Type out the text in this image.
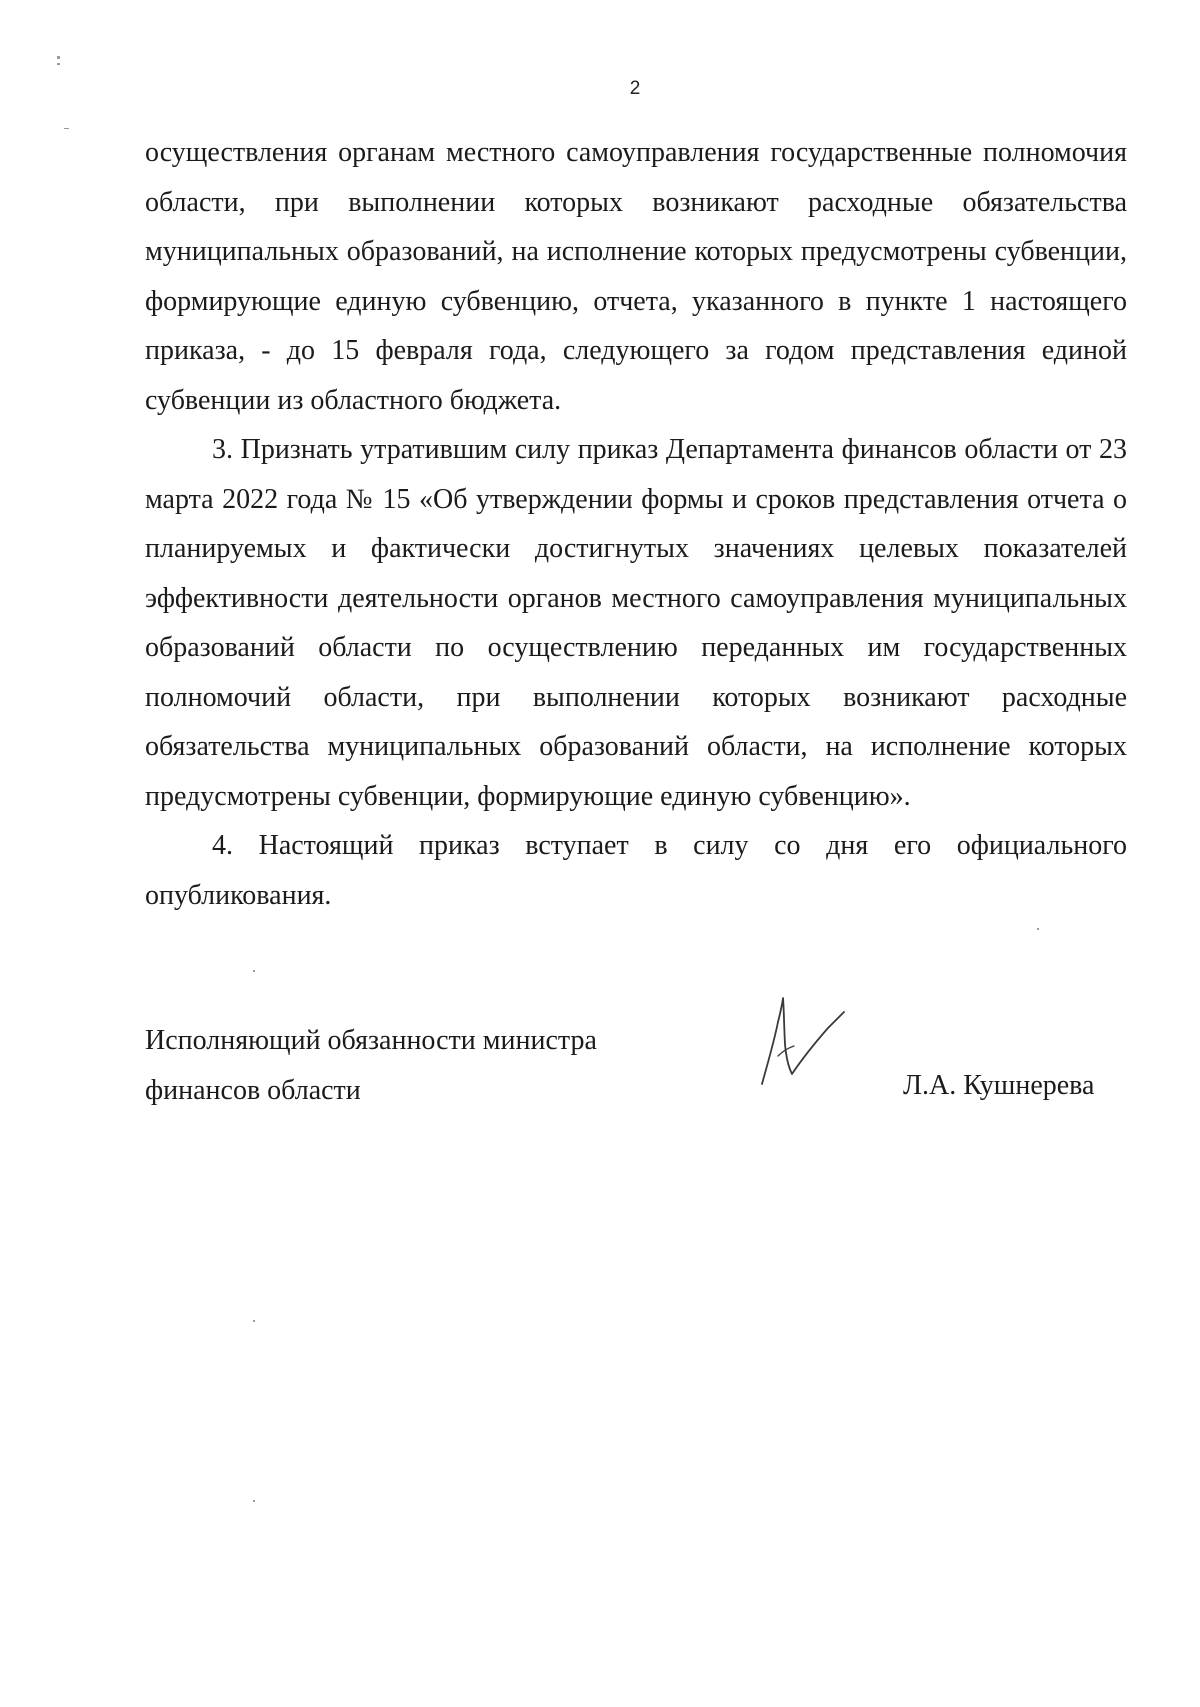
2

осуществления органам местного самоуправления государственные полномочия области, при выполнении которых возникают расходные обязательства муниципальных образований, на исполнение которых предусмотрены субвенции, формирующие единую субвенцию, отчета, указанного в пункте 1 настоящего приказа, - до 15 февраля года, следующего за годом представления единой субвенции из областного бюджета.

3. Признать утратившим силу приказ Департамента финансов области от 23 марта 2022 года № 15 «Об утверждении формы и сроков представления отчета о планируемых и фактически достигнутых значениях целевых показателей эффективности деятельности органов местного самоуправления муниципальных образований области по осуществлению переданных им государственных полномочий области, при выполнении которых возникают расходные обязательства муниципальных образований области, на исполнение которых предусмотрены субвенции, формирующие единую субвенцию».

4. Настоящий приказ вступает в силу со дня его официального опубликования.

Исполняющий обязанности министра
финансов области	Л.А. Кушнерева
